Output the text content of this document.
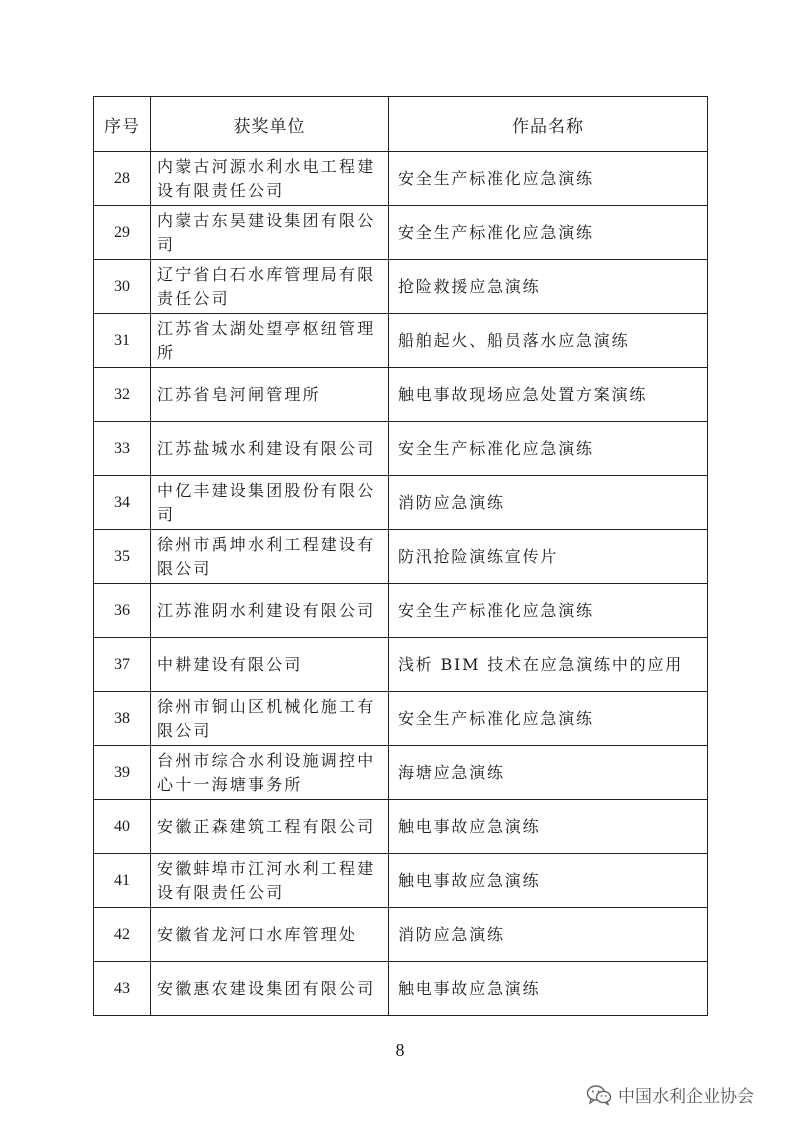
序号	获奖单位	作品名称
28	内蒙古河源水利水电工程建设有限责任公司	安全生产标准化应急演练
29	内蒙古东昊建设集团有限公司	安全生产标准化应急演练
30	辽宁省白石水库管理局有限责任公司	抢险救援应急演练
31	江苏省太湖处望亭枢纽管理所	船舶起火、船员落水应急演练
32	江苏省皂河闸管理所	触电事故现场应急处置方案演练
33	江苏盐城水利建设有限公司	安全生产标准化应急演练
34	中亿丰建设集团股份有限公司	消防应急演练
35	徐州市禹坤水利工程建设有限公司	防汛抢险演练宣传片
36	江苏淮阴水利建设有限公司	安全生产标准化应急演练
37	中耕建设有限公司	浅析 BIM 技术在应急演练中的应用
38	徐州市铜山区机械化施工有限公司	安全生产标准化应急演练
39	台州市综合水利设施调控中心十一海塘事务所	海塘应急演练
40	安徽正森建筑工程有限公司	触电事故应急演练
41	安徽蚌埠市江河水利工程建设有限责任公司	触电事故应急演练
42	安徽省龙河口水库管理处	消防应急演练
43	安徽惠农建设集团有限公司	触电事故应急演练
8
中国水利企业协会
